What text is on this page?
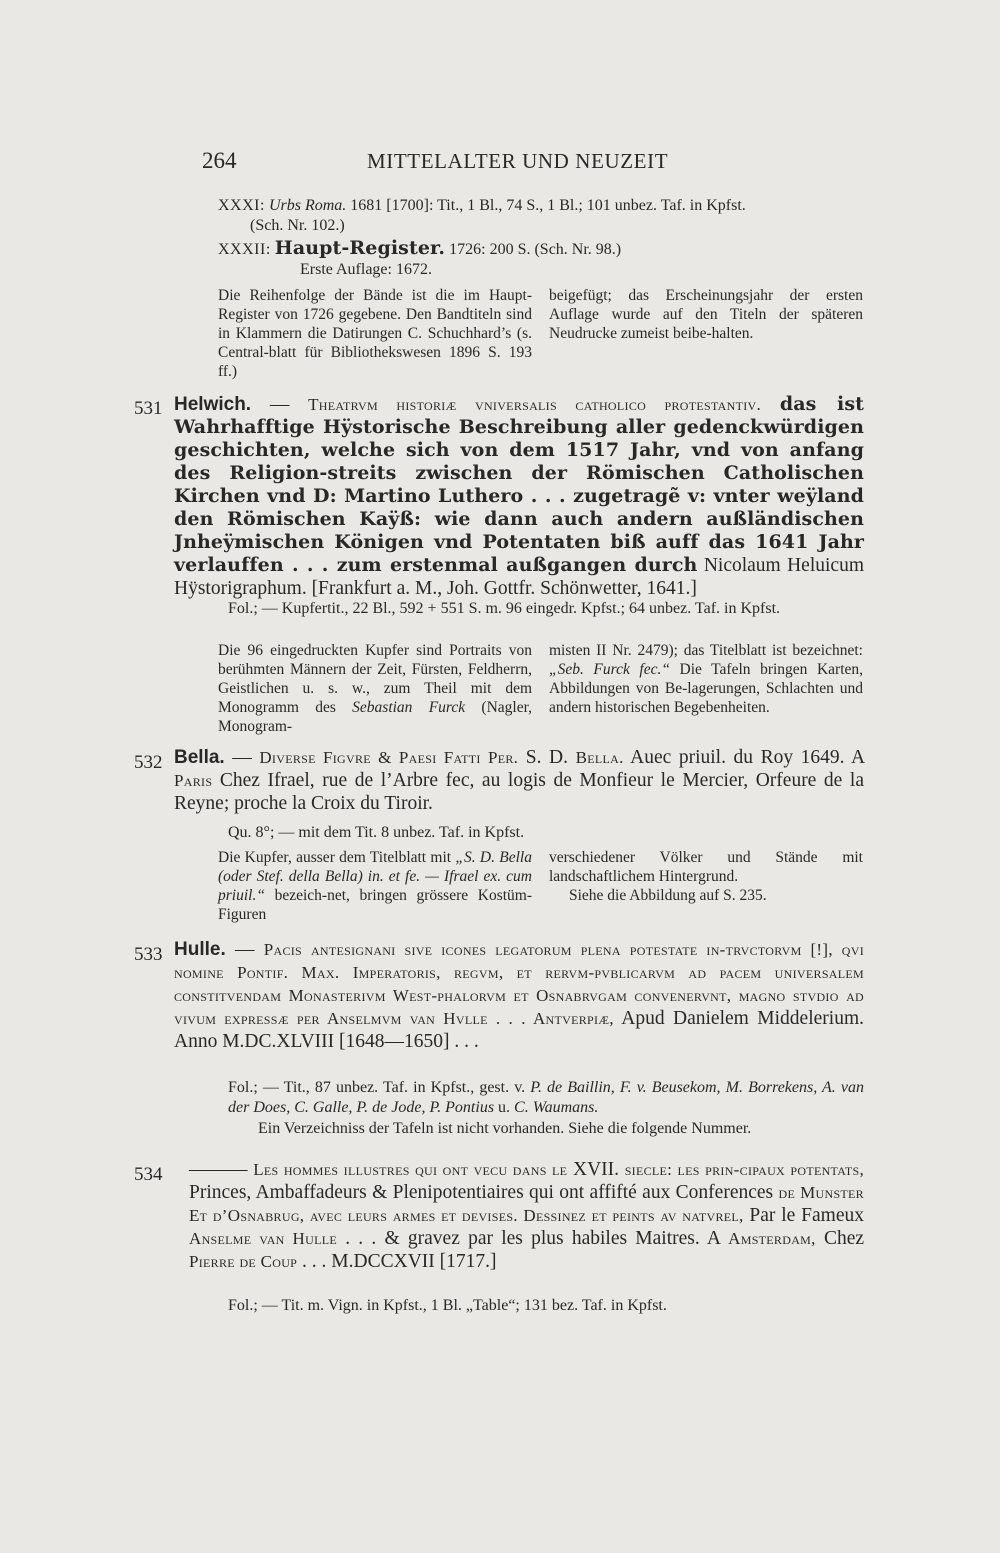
264	MITTELALTER UND NEUZEIT
XXXI: Urbs Roma. 1681 [1700]: Tit., 1 Bl., 74 S., 1 Bl.; 101 unbez. Taf. in Kpfst.
(Sch. Nr. 102.)
XXXII: Haupt-Register. 1726: 200 S. (Sch. Nr. 98.)
Erste Auflage: 1672.
Die Reihenfolge der Bände ist die im Haupt-Register von 1726 gegebene. Den Bandtiteln sind in Klammern die Datirungen C. Schuchhard’s (s. Central-blatt für Bibliothekswesen 1896 S. 193 ff.)
beigefügt; das Erscheinungsjahr der ersten Auflage wurde auf den Titeln der späteren Neudrucke zumeist beibe-halten.
531 Helwich. — Theatrvm historiæ vniversalis catholico protestantiv. das ist Wahrhafftige Hÿstorische Beschreibung aller gedenckwürdigen geschichten, welche sich von dem 1517 Jahr, vnd von anfang des Religion-streits zwischen der Römischen Catholischen Kirchen vnd D: Martino Luthero . . . zugetragẽ v: vnter weÿland den Römischen Kaÿß: wie dann auch andern außländischen Jnheÿmischen Königen vnd Potentaten biß auff das 1641 Jahr verlauffen . . . zum erstenmal außgangen durch Nicolaum Heluicum Hÿstorigraphum. [Frankfurt a. M., Joh. Gottfr. Schönwetter, 1641.]
Fol.; — Kupfertit., 22 Bl., 592 + 551 S. m. 96 eingedr. Kpfst.; 64 unbez. Taf. in Kpfst.
Die 96 eingedruckten Kupfer sind Portraits von berühmten Männern der Zeit, Fürsten, Feldherrn, Geistlichen u. s. w., zum Theil mit dem Monogramm des Sebastian Furck (Nagler, Monogram-
misten II Nr. 2479); das Titelblatt ist bezeichnet: „Seb. Furck fec.“ Die Tafeln bringen Karten, Abbildungen von Be-lagerungen, Schlachten und andern historischen Begebenheiten.
532 Bella. — Diverse Figvre & Paesi Fatti Per. S. D. Bella. Auec priuil. du Roy 1649. A Paris Chez Ifrael, rue de l’Arbre fec, au logis de Monfieur le Mercier, Orfeure de la Reyne; proche la Croix du Tiroir.
Qu. 8°; — mit dem Tit. 8 unbez. Taf. in Kpfst.
Die Kupfer, ausser dem Titelblatt mit „S. D. Bella (oder Stef. della Bella) in. et fe. — Ifrael ex. cum priuil.“ bezeich-net, bringen grössere Kostüm-Figuren
verschiedener Völker und Stände mit landschaftlichem Hintergrund.
Siehe die Abbildung auf S. 235.
533 Hulle. — Pacis antesignani sive icones legatorum plena potestate in-trvctorvm [!], qvi nomine Pontif. Max. Imperatoris, regvm, et rervm-pvblicarvm ad pacem universalem constitvendam Monasterivm West-phalorvm et Osnabrvgam convenervnt, magno stvdio ad vivum expressæ per Anselmvm van Hvlle . . . Antverpiæ, Apud Danielem Middelerium. Anno M.DC.XLVIII [1648—1650] . . .
Fol.; — Tit., 87 unbez. Taf. in Kpfst., gest. v. P. de Baillin, F. v. Beusekom, M. Borrekens, A. van der Does, C. Galle, P. de Jode, P. Pontius u. C. Waumans.
Ein Verzeichniss der Tafeln ist nicht vorhanden. Siehe die folgende Nummer.
534 ——— Les hommes illustres qui ont vecu dans le XVII. siecle: les prin-cipaux potentats, Princes, Ambaffadeurs & Plenipotentiaires qui ont affifté aux Conferences de Munster Et d’Osnabrug, avec leurs armes et devises. Dessinez et peints av natvrel, Par le Fameux Anselme van Hulle . . . & gravez par les plus habiles Maitres. A Amsterdam, Chez Pierre de Coup . . . M.DCCXVII [1717.]
Fol.; — Tit. m. Vign. in Kpfst., 1 Bl. „Table“; 131 bez. Taf. in Kpfst.
